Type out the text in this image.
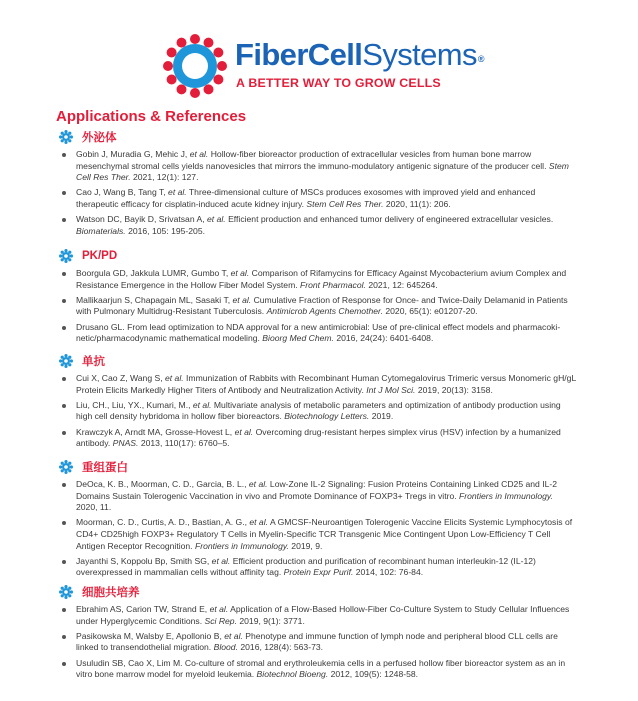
FiberCellSystems®
A BETTER WAY TO GROW CELLS
Applications & References
外泌体
Gobin J, Muradia G, Mehic J, et al. Hollow-fiber bioreactor production of extracellular vesicles from human bone marrow mesenchymal stromal cells yields nanovesicles that mirrors the immuno-modulatory antigenic signature of the producer cell. Stem Cell Res Ther. 2021, 12(1): 127.
Cao J, Wang B, Tang T, et al. Three-dimensional culture of MSCs produces exosomes with improved yield and enhanced therapeutic efficacy for cisplatin-induced acute kidney injury. Stem Cell Res Ther. 2020, 11(1): 206.
Watson DC, Bayik D, Srivatsan A, et al. Efficient production and enhanced tumor delivery of engineered extracellular vesicles. Biomaterials. 2016, 105: 195-205.
PK/PD
Boorgula GD, Jakkula LUMR, Gumbo T, et al. Comparison of Rifamycins for Efficacy Against Mycobacterium avium Complex and Resistance Emergence in the Hollow Fiber Model System. Front Pharmacol. 2021, 12: 645264.
Mallikaarjun S, Chapagain ML, Sasaki T, et al. Cumulative Fraction of Response for Once- and Twice-Daily Delamanid in Patients with Pulmonary Multidrug-Resistant Tuberculosis. Antimicrob Agents Chemother. 2020, 65(1): e01207-20.
Drusano GL. From lead optimization to NDA approval for a new antimicrobial: Use of pre-clinical effect models and pharmacoki-netic/pharmacodynamic mathematical modeling. Bioorg Med Chem. 2016, 24(24): 6401-6408.
单抗
Cui X, Cao Z, Wang S, et al. Immunization of Rabbits with Recombinant Human Cytomegalovirus Trimeric versus Monomeric gH/gL Protein Elicits Markedly Higher Titers of Antibody and Neutralization Activity. Int J Mol Sci. 2019, 20(13): 3158.
Liu, CH., Liu, YX., Kumari, M., et al. Multivariate analysis of metabolic parameters and optimization of antibody production using high cell density hybridoma in hollow fiber bioreactors. Biotechnology Letters. 2019.
Krawczyk A, Arndt MA, Grosse-Hovest L, et al. Overcoming drug-resistant herpes simplex virus (HSV) infection by a humanized antibody. PNAS. 2013, 110(17): 6760–5.
重组蛋白
DeOca, K. B., Moorman, C. D., Garcia, B. L., et al. Low-Zone IL-2 Signaling: Fusion Proteins Containing Linked CD25 and IL-2 Domains Sustain Tolerogenic Vaccination in vivo and Promote Dominance of FOXP3+ Tregs in vitro. Frontiers in Immunology. 2020, 11.
Moorman, C. D., Curtis, A. D., Bastian, A. G., et al. A GMCSF-Neuroantigen Tolerogenic Vaccine Elicits Systemic Lymphocytosis of CD4+ CD25high FOXP3+ Regulatory T Cells in Myelin-Specific TCR Transgenic Mice Contingent Upon Low-Efficiency T Cell Antigen Receptor Recognition. Frontiers in Immunology. 2019, 9.
Jayanthi S, Koppolu Bp, Smith SG, et al. Efficient production and purification of recombinant human interleukin-12 (IL-12) overexpressed in mammalian cells without affinity tag. Protein Expr Purif. 2014, 102: 76-84.
细胞共培养
Ebrahim AS, Carion TW, Strand E, et al. Application of a Flow-Based Hollow-Fiber Co-Culture System to Study Cellular Influences under Hyperglycemic Conditions. Sci Rep. 2019, 9(1): 3771.
Pasikowska M, Walsby E, Apollonio B, et al. Phenotype and immune function of lymph node and peripheral blood CLL cells are linked to transendothelial migration. Blood. 2016, 128(4): 563-73.
Usuludin SB, Cao X, Lim M. Co-culture of stromal and erythroleukemia cells in a perfused hollow fiber bioreactor system as an in vitro bone marrow model for myeloid leukemia. Biotechnol Bioeng. 2012, 109(5): 1248-58.
